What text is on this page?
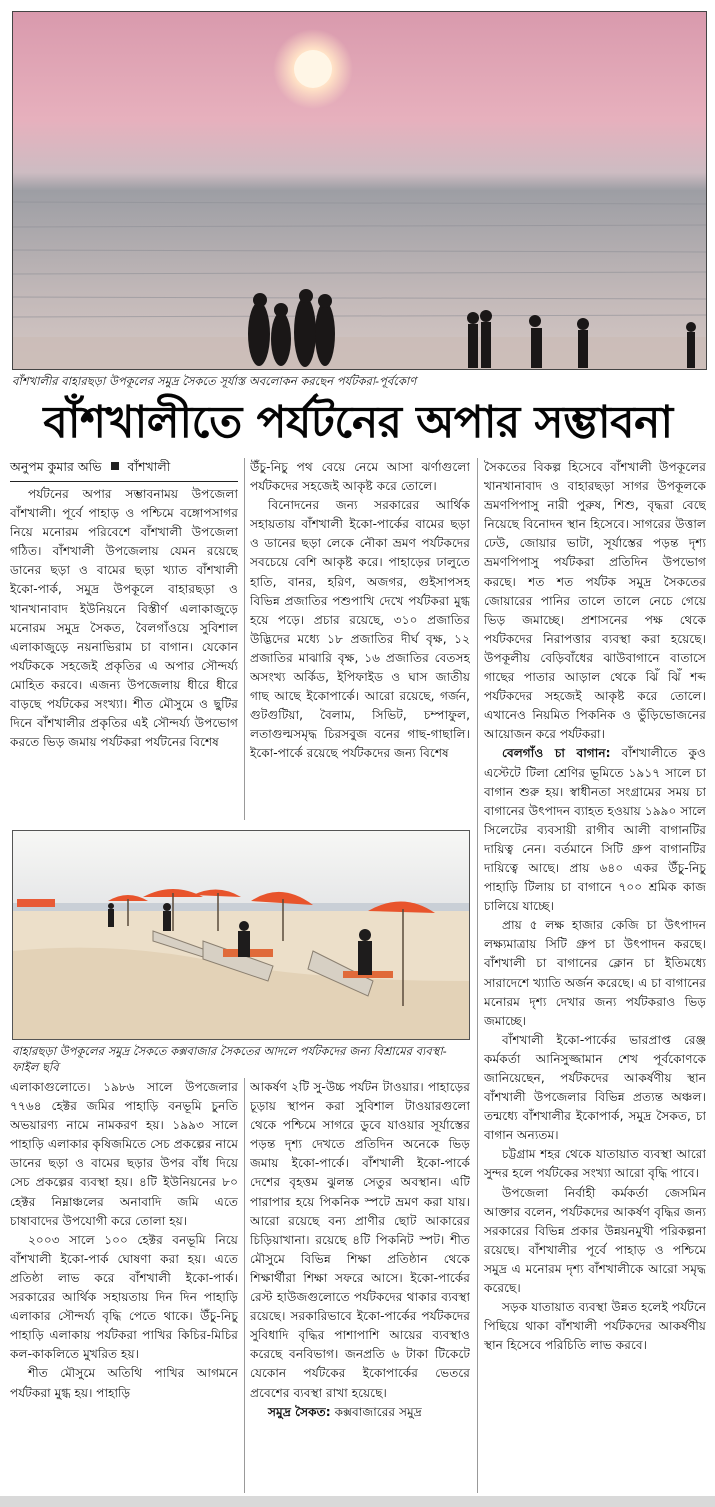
বাঁশখালীর বাহারছড়া উপকূলের সমুদ্র সৈকতে সূর্যাস্ত অবলোকন করছেন পর্যটকরা-পূর্বকোণ
বাঁশখালীতে পর্যটনের অপার সম্ভাবনা
অনুপম কুমার অভি বাঁশখালী

পর্যটনের অপার সম্ভাবনাময় উপজেলা বাঁশখালী। পূর্বে পাহাড় ও পশ্চিমে বঙ্গোপসাগর নিয়ে মনোরম পরিবেশে বাঁশখালী উপজেলা গঠিত। বাঁশখালী উপজেলায় যেমন রয়েছে ডানের ছড়া ও বামের ছড়া খ্যাত বাঁশখালী ইকো-পার্ক, সমুদ্র উপকূলে বাহারছড়া ও খানখানাবাদ ইউনিয়নে বিস্তীর্ণ এলাকাজুড়ে মনোরম সমুদ্র সৈকত, বৈলগাঁওয়ে সুবিশাল এলাকাজুড়ে নয়নাভিরাম চা বাগান। যেকোন পর্যটককে সহজেই প্রকৃতির এ অপার সৌন্দর্য্য মোহিত করবে। এজন্য উপজেলায় ধীরে ধীরে বাড়ছে পর্যটকের সংখ্যা। শীত মৌসুমে ও ছুটির দিনে বাঁশখালীর প্রকৃতির এই সৌন্দর্য্য উপভোগ করতে ভিড় জমায় পর্যটকরা পর্যটনের বিশেষ

উঁচু-নিচু পথ বেয়ে নেমে আসা ঝর্ণাগুলো পর্যটকদের সহজেই আকৃষ্ট করে তোলে।

বিনোদনের জন্য সরকারের আর্থিক সহায়তায় বাঁশখালী ইকো-পার্কের বামের ছড়া ও ডানের ছড়া লেকে নৌকা ভ্রমণ পর্যটকদের সবচেয়ে বেশি আকৃষ্ট করে। পাহাড়ের ঢালুতে হাতি, বানর, হরিণ, অজগর, গুইসাপসহ বিভিন্ন প্রজাতির পশুপাখি দেখে পর্যটকরা মুগ্ধ হয়ে পড়ে। প্রচার রয়েছে, ৩১০ প্রজাতির উদ্ভিদের মধ্যে ১৮ প্রজাতির দীর্ঘ বৃক্ষ, ১২ প্রজাতির মাঝারি বৃক্ষ, ১৬ প্রজাতির বেতসহ অসংখ্য অর্কিড, ইপিফাইড ও ঘাস জাতীয় গাছ আছে ইকোপার্কে। আরো রয়েছে, গর্জন, গুটগুটিয়া, বৈলাম, সিভিট, চম্পাফুল, লতাগুল্মসমৃদ্ধ চিরসবুজ বনের গাছ-গাছালি। ইকো-পার্কে রয়েছে পর্যটকদের জন্য বিশেষ

বাহারছড়া উপকূলের সমুদ্র সৈকতে কক্সবাজার সৈকতের আদলে পর্যটকদের জন্য বিশ্রামের ব্যবস্থা-ফাইল ছবি

এলাকাগুলোতে। ১৯৮৬ সালে উপজেলার ৭৭৬৪ হেক্টর জমির পাহাড়ি বনভূমি চুনতি অভয়ারণ্য নামে নামকরণ হয়। ১৯৯৩ সালে পাহাড়ি এলাকার কৃষিজমিতে সেচ প্রকল্পের নামে ডানের ছড়া ও বামের ছড়ার উপর বাঁধ দিয়ে সেচ প্রকল্পের ব্যবস্থা হয়। ৪টি ইউনিয়নের ৮০ হেক্টর নিম্নাঞ্চলের অনাবাদি জমি এতে চাষাবাদের উপযোগী করে তোলা হয়।

২০০৩ সালে ১০০ হেক্টর বনভূমি নিয়ে বাঁশখালী ইকো-পার্ক ঘোষণা করা হয়। এতে প্রতিষ্ঠা লাভ করে বাঁশখালী ইকো-পার্ক। সরকারের আর্থিক সহায়তায় দিন দিন পাহাড়ি এলাকার সৌন্দর্য্য বৃদ্ধি পেতে থাকে। উঁচু-নিচু পাহাড়ি এলাকায় পর্যটকরা পাখির কিচির-মিচির কল-কাকলিতে মুখরিত হয়।

শীত মৌসুমে অতিথি পাখির আগমনে পর্যটকরা মুগ্ধ হয়। পাহাড়ি

আকর্ষণ ২টি সু-উচ্চ পর্যটন টাওয়ার। পাহাড়ের চূড়ায় স্থাপন করা সুবিশাল টাওয়ারগুলো থেকে পশ্চিমে সাগরে ডুবে যাওয়ার সূর্যাস্তের পড়ন্ত দৃশ্য দেখতে প্রতিদিন অনেকে ভিড় জমায় ইকো-পার্কে। বাঁশখালী ইকো-পার্কে দেশের বৃহত্তম ঝুলন্ত সেতুর অবস্থান। এটি পারাপার হয়ে পিকনিক স্পটে ভ্রমণ করা যায়। আরো রয়েছে বন্য প্রাণীর ছোট আকারের চিড়িয়াখানা। রয়েছে ৪টি পিকনিট স্পট। শীত মৌসুমে বিভিন্ন শিক্ষা প্রতিষ্ঠান থেকে শিক্ষার্থীরা শিক্ষা সফরে আসে। ইকো-পার্কের রেস্ট হাউজগুলোতে পর্যটকদের থাকার ব্যবস্থা রয়েছে। সরকারিভাবে ইকো-পার্কের পর্যটকদের সুবিধাদি বৃদ্ধির পাশাপাশি আয়ের ব্যবস্থাও করেছে বনবিভাগ। জনপ্রতি ৬ টাকা টিকেটে যেকোন পর্যটকের ইকোপার্কের ভেতরে প্রবেশের ব্যবস্থা রাখা হয়েছে।

সমুদ্র সৈকত: কক্সবাজারের সমুদ্র

সৈকতের বিকল্প হিসেবে বাঁশখালী উপকূলের খানখানাবাদ ও বাহারছড়া সাগর উপকূলকে ভ্রমণপিপাসু নারী পুরুষ, শিশু, বৃদ্ধরা বেছে নিয়েছে বিনোদন স্থান হিসেবে। সাগরের উত্তাল ঢেউ, জোয়ার ভাটা, সূর্যাস্তের পড়ন্ত দৃশ্য ভ্রমণপিপাসু পর্যটকরা প্রতিদিন উপভোগ করছে। শত শত পর্যটক সমুদ্র সৈকতের জোয়ারের পানির তালে তালে নেচে গেয়ে ভিড় জমাচ্ছে। প্রশাসনের পক্ষ থেকে পর্যটকদের নিরাপত্তার ব্যবস্থা করা হয়েছে। উপকূলীয় বেড়িবাঁধের ঝাউবাগানে বাতাসে গাছের পাতার আড়াল থেকে ঝিঁ ঝিঁ শব্দ পর্যটকদের সহজেই আকৃষ্ট করে তোলে। এখানেও নিয়মিত পিকনিক ও ভুঁড়িভোজনের আয়োজন করে পর্যটকরা।

বেলগাঁও চা বাগান: বাঁশখালীতে কুও এস্টেটে টিলা শ্রেণির ভূমিতে ১৯১৭ সালে চা বাগান শুরু হয়। স্বাধীনতা সংগ্রামের সময় চা বাগানের উৎপাদন ব্যাহত হওয়ায় ১৯৯০ সালে সিলেটের ব্যবসায়ী রাগীব আলী বাগানটির দায়িত্ব নেন। বর্তমানে সিটি গ্রুপ বাগানটির দায়িত্বে আছে। প্রায় ৬৪০ একর উঁচু-নিচু পাহাড়ি টিলায় চা বাগানে ৭০০ শ্রমিক কাজ চালিয়ে যাচ্ছে।

প্রায় ৫ লক্ষ হাজার কেজি চা উৎপাদন লক্ষ্যমাত্রায় সিটি গ্রুপ চা উৎপাদন করছে। বাঁশখালী চা বাগানের ক্লোন চা ইতিমধ্যে সারাদেশে খ্যাতি অর্জন করেছে। এ চা বাগানের মনোরম দৃশ্য দেখার জন্য পর্যটকরাও ভিড় জমাচ্ছে।

বাঁশখালী ইকো-পার্কের ভারপ্রাপ্ত রেঞ্জ কর্মকর্তা আনিসুজ্জামান শেখ পূর্বকোণকে জানিয়েছেন, পর্যটকদের আকর্ষণীয় স্থান বাঁশখালী উপজেলার বিভিন্ন প্রত্যন্ত অঞ্চল। তন্মধ্যে বাঁশখালীর ইকোপার্ক, সমুদ্র সৈকত, চা বাগান অন্যতম।

চট্টগ্রাম শহর থেকে যাতায়াত ব্যবস্থা আরো সুন্দর হলে পর্যটকের সংখ্যা আরো বৃদ্ধি পাবে।

উপজেলা নির্বাহী কর্মকর্তা জেসমিন আক্তার বলেন, পর্যটকদের আকর্ষণ বৃদ্ধির জন্য সরকারের বিভিন্ন প্রকার উন্নয়নমুখী পরিকল্পনা রয়েছে। বাঁশখালীর পূর্বে পাহাড় ও পশ্চিমে সমুদ্র এ মনোরম দৃশ্য বাঁশখালীকে আরো সমৃদ্ধ করেছে।

সড়ক যাতায়াত ব্যবস্থা উন্নত হলেই পর্যটনে পিছিয়ে থাকা বাঁশখালী পর্যটকদের আকর্ষণীয় স্থান হিসেবে পরিচিতি লাভ করবে।
